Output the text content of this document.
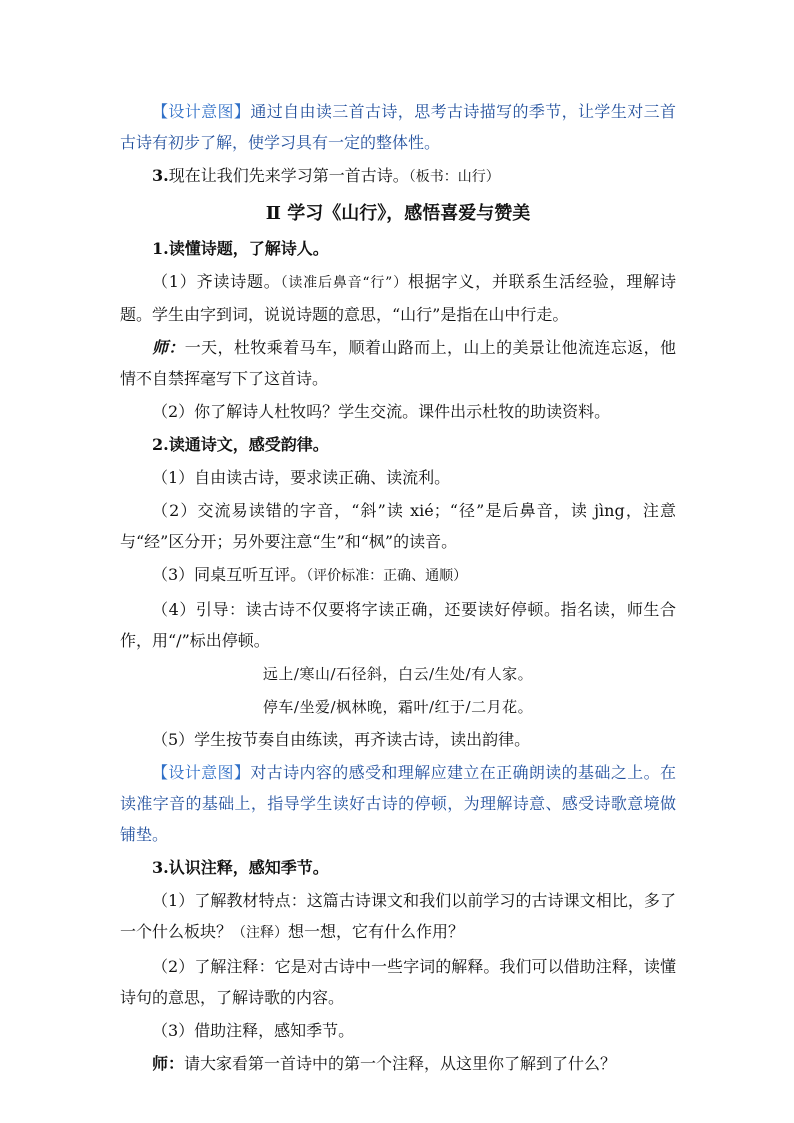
【设计意图】通过自由读三首古诗，思考古诗描写的季节，让学生对三首古诗有初步了解，使学习具有一定的整体性。

3.现在让我们先来学习第一首古诗。（板书：山行）

Ⅱ 学习《山行》，感悟喜爱与赞美

1.读懂诗题，了解诗人。

（1）齐读诗题。（读准后鼻音“行”）根据字义，并联系生活经验，理解诗题。学生由字到词，说说诗题的意思，“山行”是指在山中行走。

师：一天，杜牧乘着马车，顺着山路而上，山上的美景让他流连忘返，他情不自禁挥毫写下了这首诗。

（2）你了解诗人杜牧吗？学生交流。课件出示杜牧的助读资料。

2.读通诗文，感受韵律。

（1）自由读古诗，要求读正确、读流利。

（2）交流易读错的字音，“斜”读 xié；“径”是后鼻音，读 jìng，注意与“经”区分开；另外要注意“生”和“枫”的读音。

（3）同桌互听互评。（评价标准：正确、通顺）

（4）引导：读古诗不仅要将字读正确，还要读好停顿。指名读，师生合作，用“/”标出停顿。

远上/寒山/石径斜，白云/生处/有人家。

停车/坐爱/枫林晚，霜叶/红于/二月花。

（5）学生按节奏自由练读，再齐读古诗，读出韵律。

【设计意图】对古诗内容的感受和理解应建立在正确朗读的基础之上。在读准字音的基础上，指导学生读好古诗的停顿，为理解诗意、感受诗歌意境做铺垫。

3.认识注释，感知季节。

（1）了解教材特点：这篇古诗课文和我们以前学习的古诗课文相比，多了一个什么板块？（注释）想一想，它有什么作用？

（2）了解注释：它是对古诗中一些字词的解释。我们可以借助注释，读懂诗句的意思，了解诗歌的内容。

（3）借助注释，感知季节。

师：请大家看第一首诗中的第一个注释，从这里你了解到了什么？
